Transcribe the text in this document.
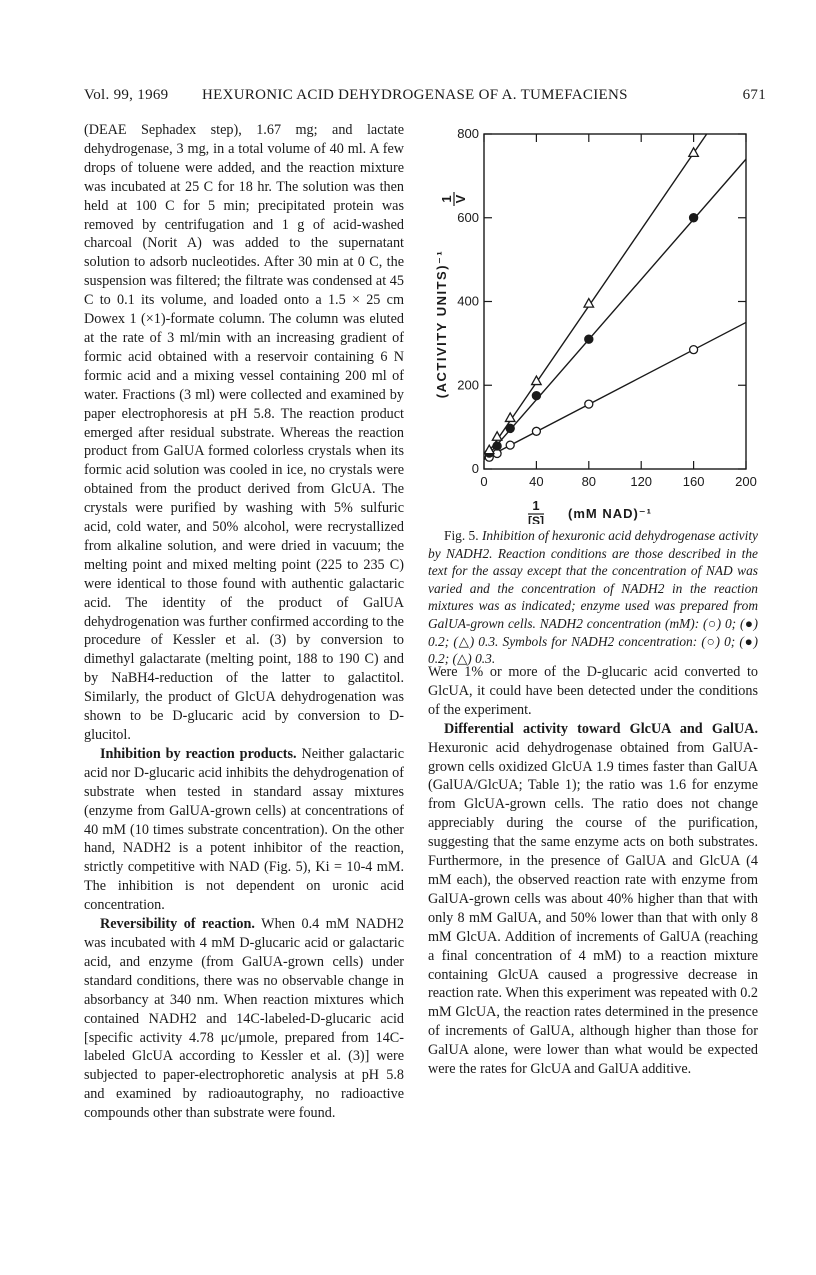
Vol. 99, 1969 HEXURONIC ACID DEHYDROGENASE OF A. TUMEFACIENS	671

(DEAE Sephadex step), 1.67 mg; and lactate dehydrogenase, 3 mg, in a total volume of 40 ml. A few drops of toluene were added, and the reaction mixture was incubated at 25 C for 18 hr. The solution was then held at 100 C for 5 min; precipitated protein was removed by centrifugation and 1 g of acid-washed charcoal (Norit A) was added to the supernatant solution to adsorb nucleotides. After 30 min at 0 C, the suspension was filtered; the filtrate was condensed at 45 C to 0.1 its volume, and loaded onto a 1.5 × 25 cm Dowex 1 (×1)-formate column. The column was eluted at the rate of 3 ml/min with an increasing gradient of formic acid obtained with a reservoir containing 6 N formic acid and a mixing vessel containing 200 ml of water. Fractions (3 ml) were collected and examined by paper electrophoresis at pH 5.8. The reaction product emerged after residual substrate. Whereas the reaction product from GalUA formed colorless crystals when its formic acid solution was cooled in ice, no crystals were obtained from the product derived from GlcUA. The crystals were purified by washing with 5% sulfuric acid, cold water, and 50% alcohol, were recrystallized from alkaline solution, and were dried in vacuum; the melting point and mixed melting point (225 to 235 C) were identical to those found with authentic galactaric acid. The identity of the product of GalUA dehydrogenation was further confirmed according to the procedure of Kessler et al. (3) by conversion to dimethyl galactarate (melting point, 188 to 190 C) and by NaBH4-reduction of the latter to galactitol. Similarly, the product of GlcUA dehydrogenation was shown to be D-glucaric acid by conversion to D-glucitol.

Inhibition by reaction products. Neither galactaric acid nor D-glucaric acid inhibits the dehydrogenation of substrate when tested in standard assay mixtures (enzyme from GalUA-grown cells) at concentrations of 40 mM (10 times substrate concentration). On the other hand, NADH2 is a potent inhibitor of the reaction, strictly competitive with NAD (Fig. 5), Ki = 10-4 mM. The inhibition is not dependent on uronic acid concentration.

Reversibility of reaction. When 0.4 mM NADH2 was incubated with 4 mM D-glucaric acid or galactaric acid, and enzyme (from GalUA-grown cells) under standard conditions, there was no observable change in absorbancy at 340 nm. When reaction mixtures which contained NADH2 and 14C-labeled-D-glucaric acid [specific activity 4.78 μc/μmole, prepared from 14C-labeled GlcUA according to Kessler et al. (3)] were subjected to paper-electrophoretic analysis at pH 5.8 and examined by radioautography, no radioactive compounds other than substrate were found.

0	40	80	120 160 200
0
200
400
600
800
(ACTIVITY UNITS)⁻¹
1 V
1
[S] (mM NAD)⁻¹

Fig. 5. Inhibition of hexuronic acid dehydrogenase activity by NADH2. Reaction conditions are those described in the text for the assay except that the concentration of NAD was varied and the concentration of NADH2 in the reaction mixtures was as indicated; enzyme used was prepared from GalUA-grown cells. NADH2 concentration (mM): (○) 0; (●) 0.2; (△) 0.3. Symbols for NADH2 concentration: (○) 0; (●) 0.2; (△) 0.3.

Were 1% or more of the D-glucaric acid converted to GlcUA, it could have been detected under the conditions of the experiment.

Differential activity toward GlcUA and GalUA. Hexuronic acid dehydrogenase obtained from GalUA-grown cells oxidized GlcUA 1.9 times faster than GalUA (GalUA/GlcUA; Table 1); the ratio was 1.6 for enzyme from GlcUA-grown cells. The ratio does not change appreciably during the course of the purification, suggesting that the same enzyme acts on both substrates. Furthermore, in the presence of GalUA and GlcUA (4 mM each), the observed reaction rate with enzyme from GalUA-grown cells was about 40% higher than that with only 8 mM GalUA, and 50% lower than that with only 8 mM GlcUA. Addition of increments of GalUA (reaching a final concentration of 4 mM) to a reaction mixture containing GlcUA caused a progressive decrease in reaction rate. When this experiment was repeated with 0.2 mM GlcUA, the reaction rates determined in the presence of increments of GalUA, although higher than those for GalUA alone, were lower than what would be expected were the rates for GlcUA and GalUA additive.
